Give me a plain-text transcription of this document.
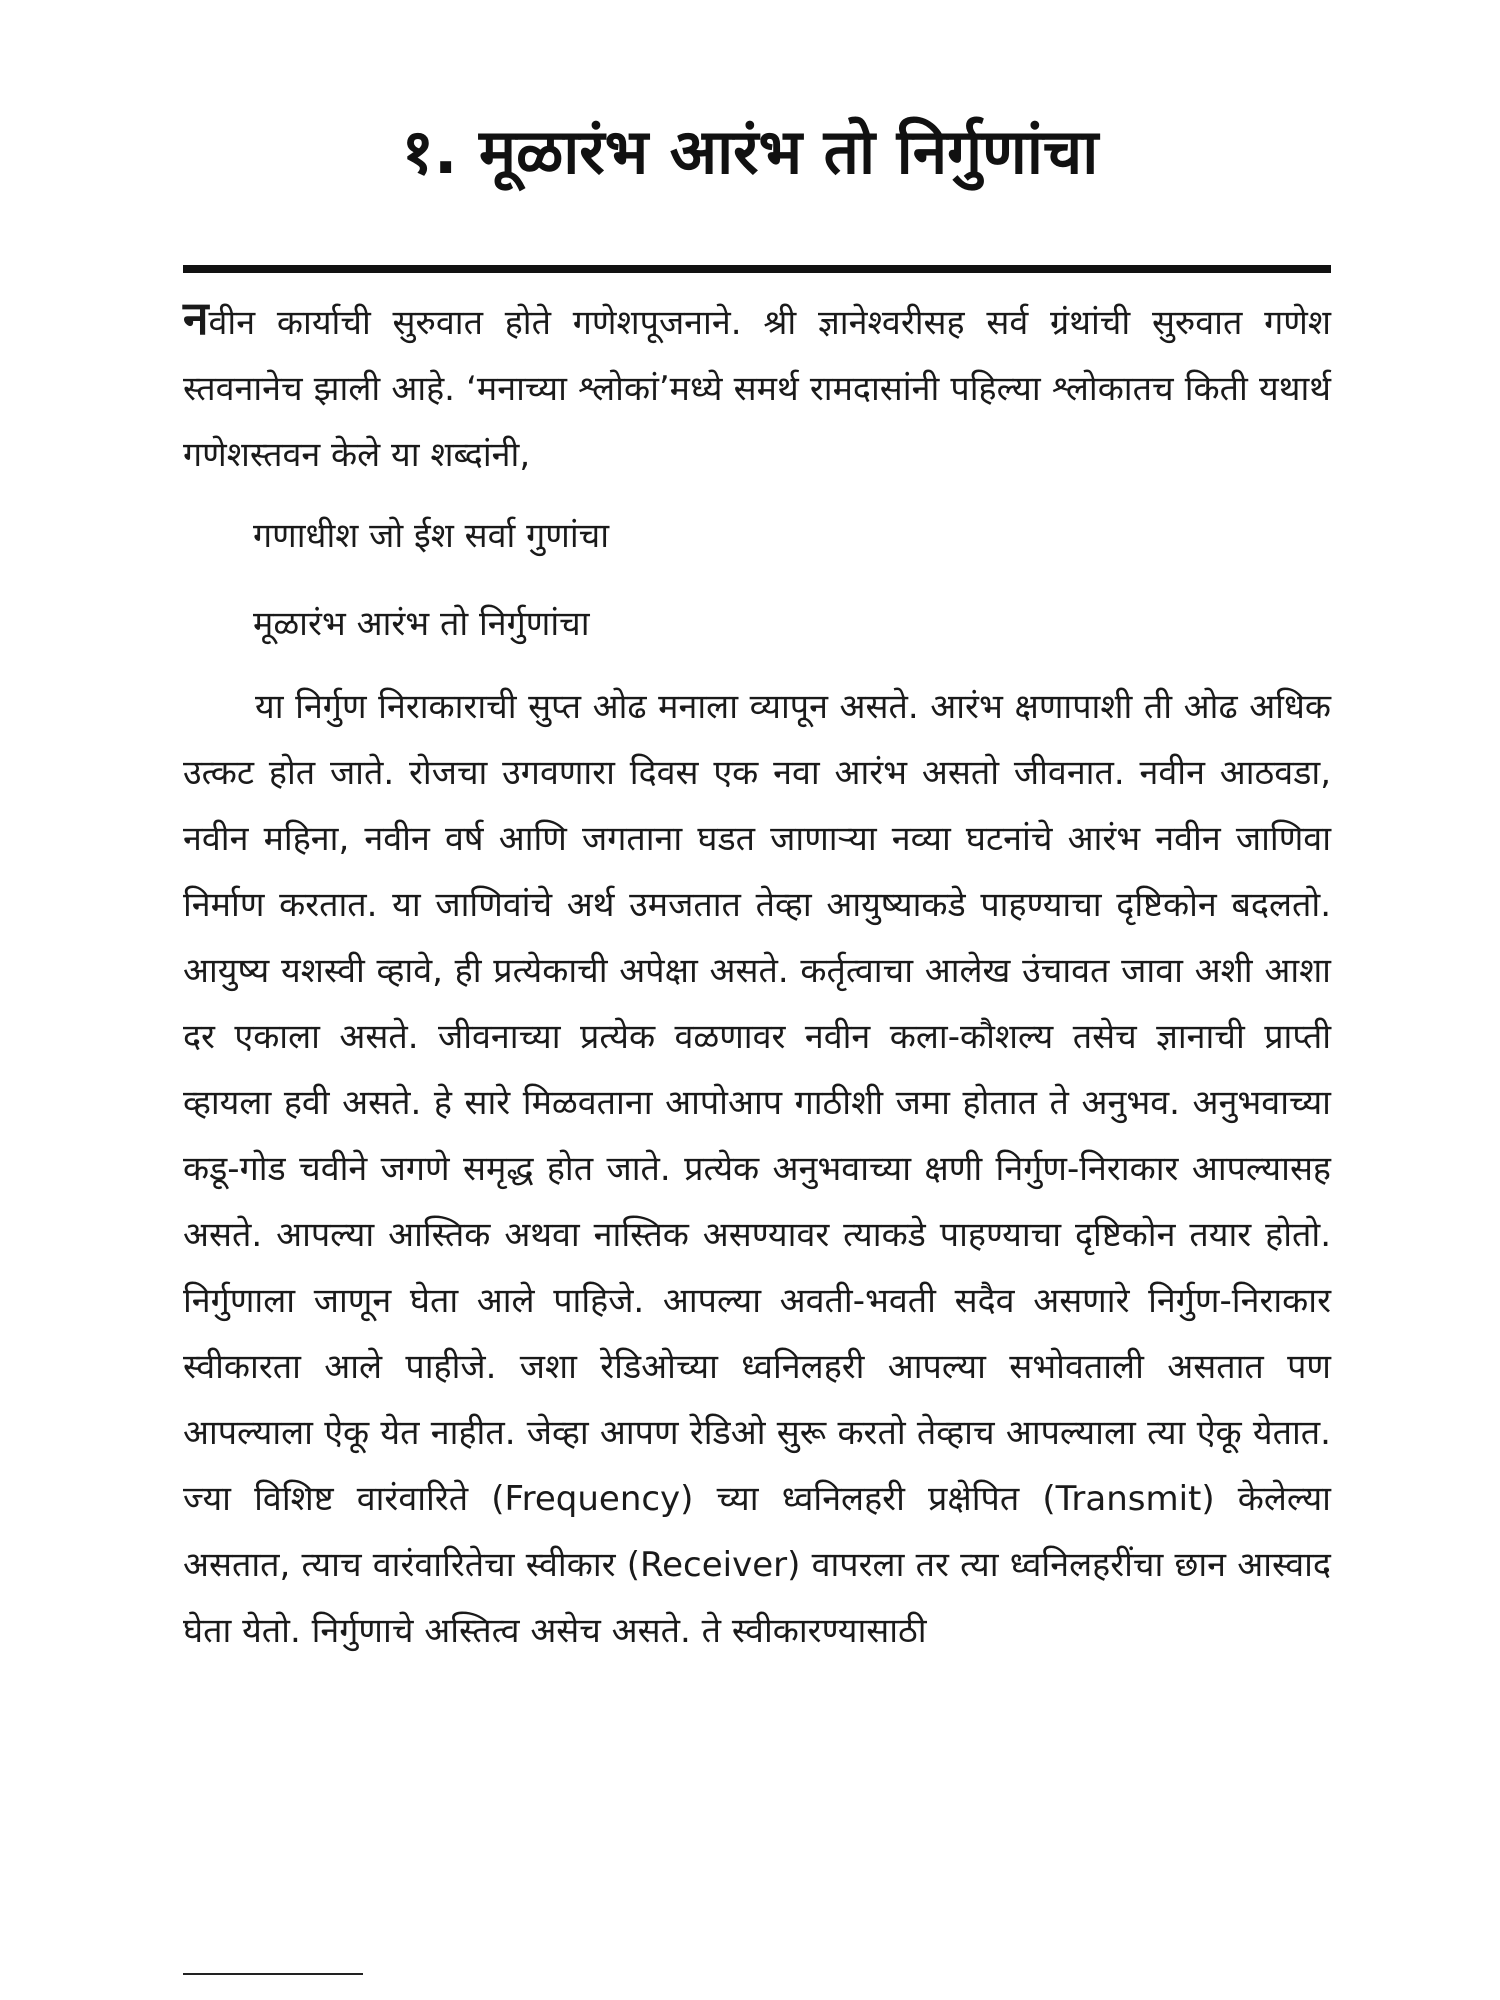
१. मूळारंभ आरंभ तो निर्गुणांचा

नवीन कार्याची सुरुवात होते गणेशपूजनाने. श्री ज्ञानेश्वरीसह सर्व ग्रंथांची सुरुवात गणेश स्तवनानेच झाली आहे. ‘मनाच्या श्लोकां’मध्ये समर्थ रामदासांनी पहिल्या श्लोकातच किती यथार्थ गणेशस्तवन केले या शब्दांनी,

गणाधीश जो ईश सर्वा गुणांचा

मूळारंभ आरंभ तो निर्गुणांचा

या निर्गुण निराकाराची सुप्त ओढ मनाला व्यापून असते. आरंभ क्षणापाशी ती ओढ अधिक उत्कट होत जाते. रोजचा उगवणारा दिवस एक नवा आरंभ असतो जीवनात. नवीन आठवडा, नवीन महिना, नवीन वर्ष आणि जगताना घडत जाणाऱ्या नव्या घटनांचे आरंभ नवीन जाणिवा निर्माण करतात. या जाणिवांचे अर्थ उमजतात तेव्हा आयुष्याकडे पाहण्याचा दृष्टिकोन बदलतो. आयुष्य यशस्वी व्हावे, ही प्रत्येकाची अपेक्षा असते. कर्तृत्वाचा आलेख उंचावत जावा अशी आशा दर एकाला असते. जीवनाच्या प्रत्येक वळणावर नवीन कला-कौशल्य तसेच ज्ञानाची प्राप्ती व्हायला हवी असते. हे सारे मिळवताना आपोआप गाठीशी जमा होतात ते अनुभव. अनुभवाच्या कडू-गोड चवीने जगणे समृद्ध होत जाते. प्रत्येक अनुभवाच्या क्षणी निर्गुण-निराकार आपल्यासह असते. आपल्या आस्तिक अथवा नास्तिक असण्यावर त्याकडे पाहण्याचा दृष्टिकोन तयार होतो. निर्गुणाला जाणून घेता आले पाहिजे. आपल्या अवती-भवती सदैव असणारे निर्गुण-निराकार स्वीकारता आले पाहीजे. जशा रेडिओच्या ध्वनिलहरी आपल्या सभोवताली असतात पण आपल्याला ऐकू येत नाहीत. जेव्हा आपण रेडिओ सुरू करतो तेव्हाच आपल्याला त्या ऐकू येतात. ज्या विशिष्ट वारंवारिते (Frequency) च्या ध्वनिलहरी प्रक्षेपित (Transmit) केलेल्या असतात, त्याच वारंवारितेचा स्वीकार (Receiver) वापरला तर त्या ध्वनिलहरींचा छान आस्वाद घेता येतो. निर्गुणाचे अस्तित्व असेच असते. ते स्वीकारण्यासाठी
